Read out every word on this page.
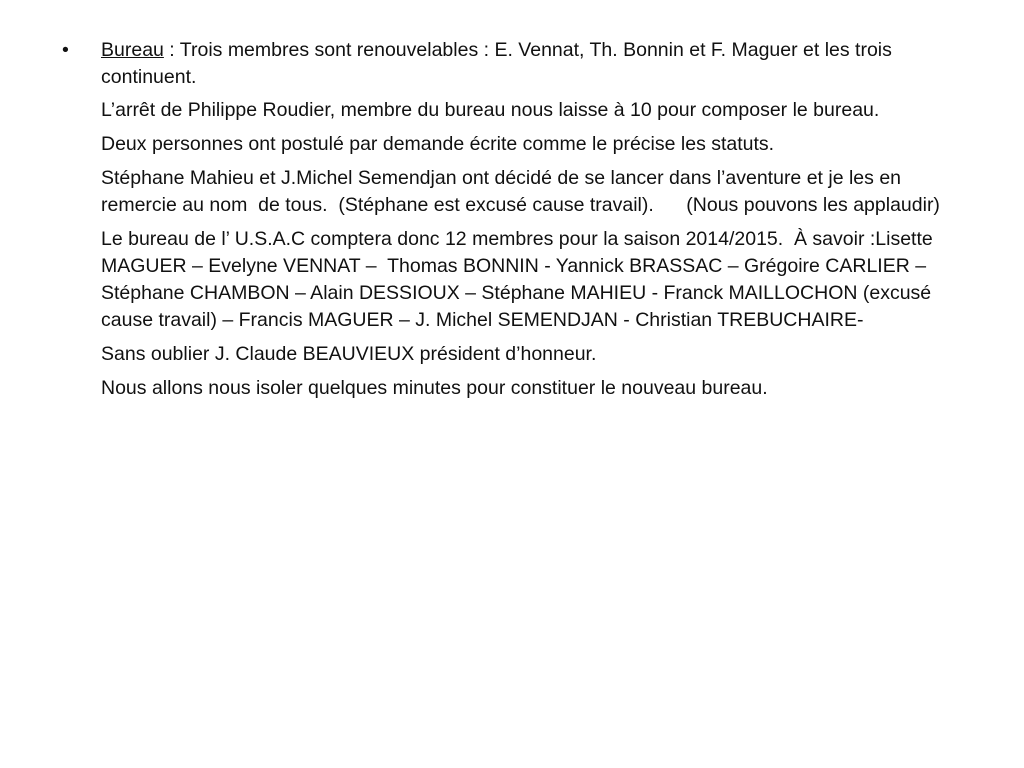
•	Bureau : Trois membres sont renouvelables : E. Vennat, Th. Bonnin et F. Maguer et les trois continuent.
L’arrêt de Philippe Roudier, membre du bureau nous laisse à 10 pour composer le bureau.
Deux personnes ont postulé par demande écrite comme le précise les statuts.
Stéphane Mahieu et J.Michel Semendjan ont décidé de se lancer dans l’aventure et je les en remercie au nom  de tous.  (Stéphane est excusé cause travail).      (Nous pouvons les applaudir)
Le bureau de l’ U.S.A.C comptera donc 12 membres pour la saison 2014/2015.  À savoir :Lisette MAGUER – Evelyne VENNAT –  Thomas BONNIN - Yannick BRASSAC – Grégoire CARLIER – Stéphane CHAMBON – Alain DESSIOUX – Stéphane MAHIEU - Franck MAILLOCHON (excusé cause travail) – Francis MAGUER – J. Michel SEMENDJAN - Christian TREBUCHAIRE-
Sans oublier J. Claude BEAUVIEUX président d’honneur.
Nous allons nous isoler quelques minutes pour constituer le nouveau bureau.
